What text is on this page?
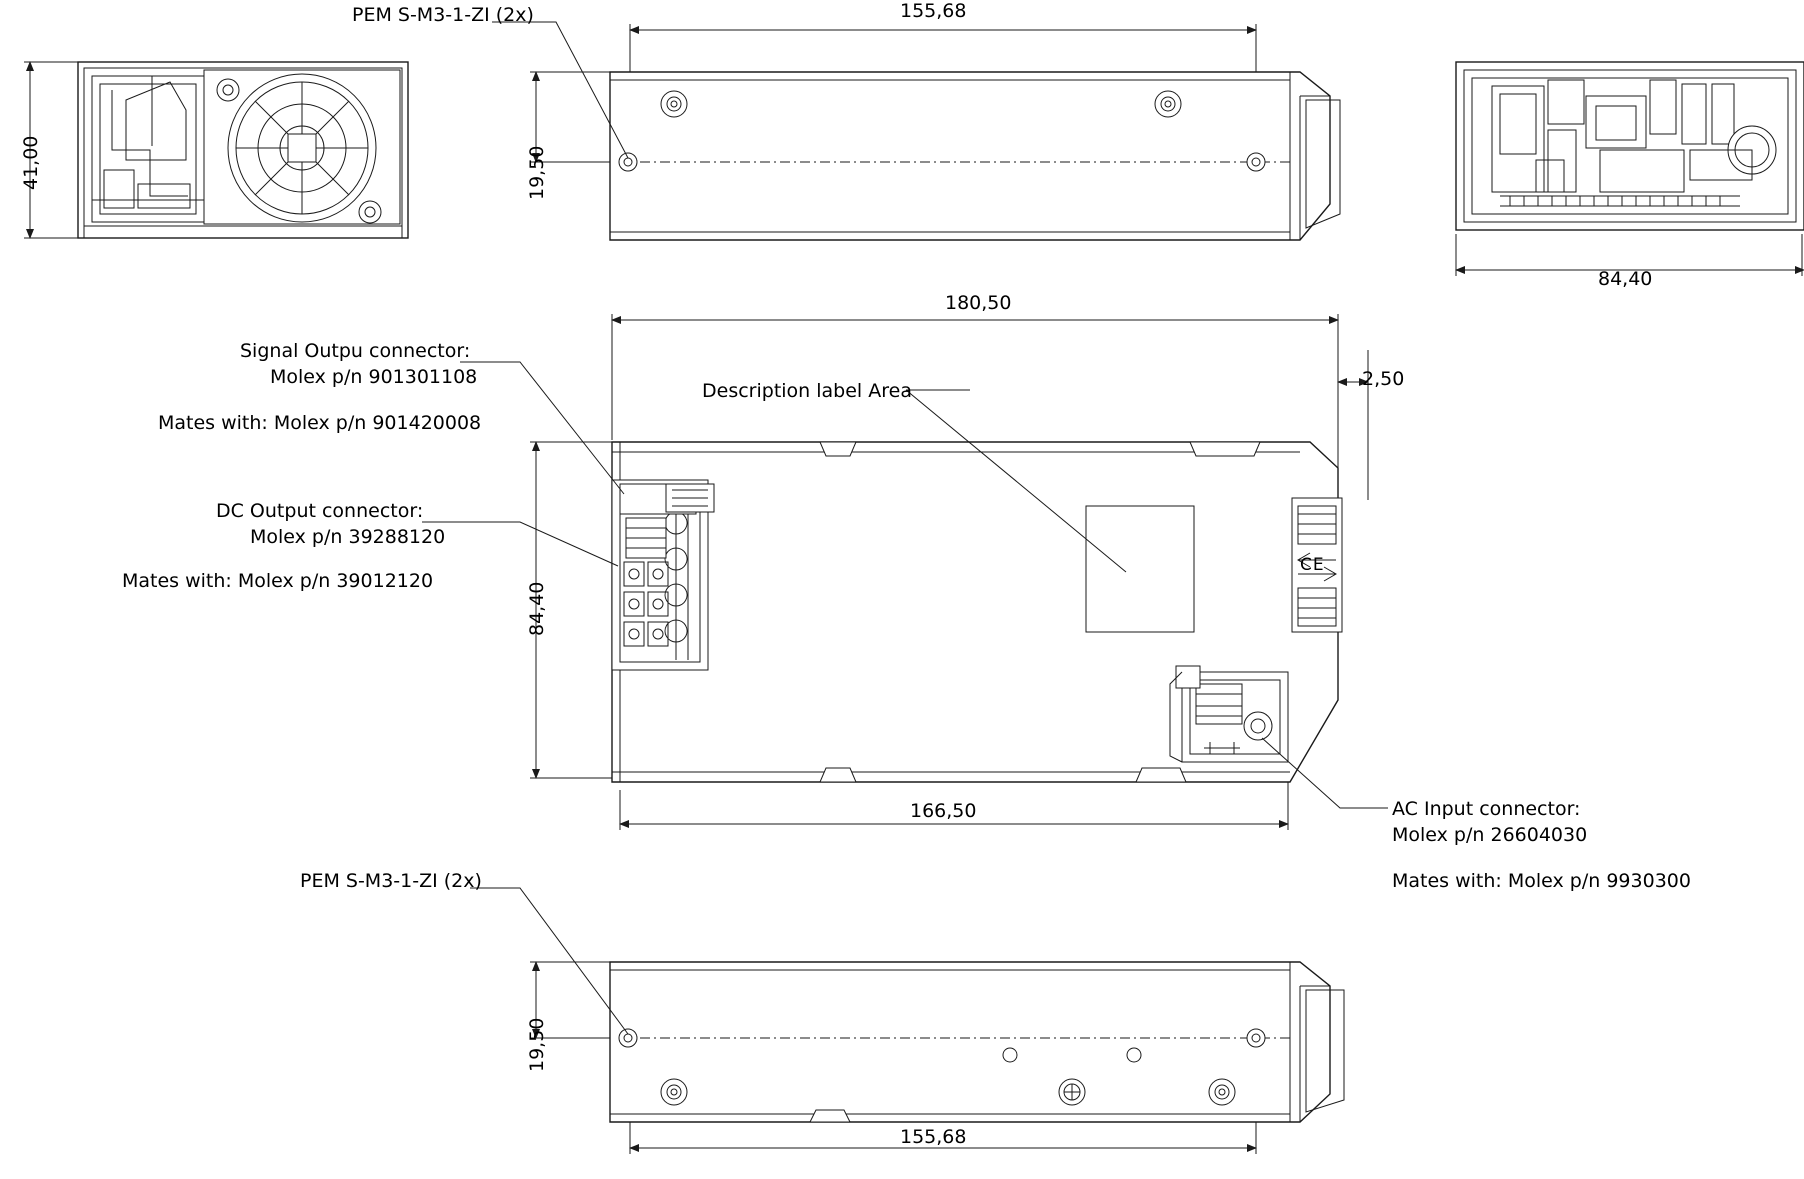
41,00
155,68
19,50
84,40
180,50
2,50
84,40
166,50
19,50
155,68
PEM S-M3-1-ZI (2x)
Signal Outpu connector:
Molex p/n 901301108
Mates with: Molex p/n 901420008
DC Output connector:
Molex p/n 39288120
Mates with: Molex p/n 39012120
Description label Area
AC Input connector:
Molex p/n 26604030
Mates with: Molex p/n 9930300
PEM S-M3-1-ZI (2x)
CE
